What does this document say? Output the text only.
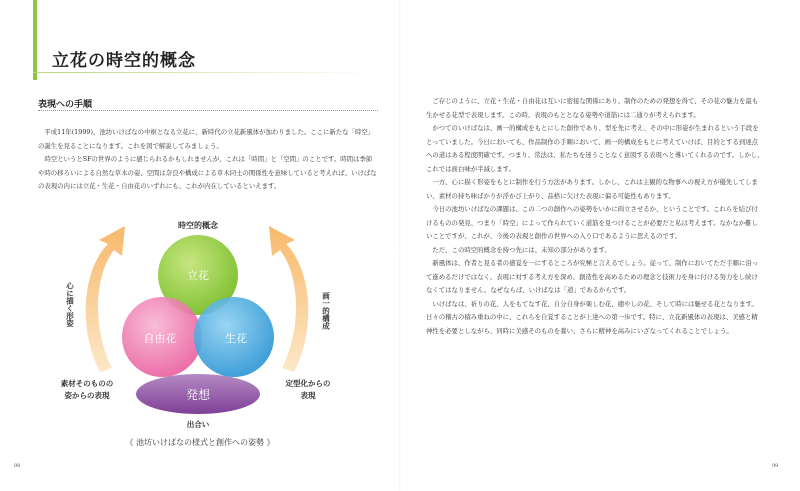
立花の時空的概念
表現への手順

平成11年(1999)、池坊いけばなの中枢となる立花に、新時代の立花新風体が加わりました。ここに新たな「時空」の誕生を見ることになります。これを図で解説してみましょう。

時空というとSFの世界のように感じられるかもしれませんが、これは「時間」と「空間」のことです。時間は季節や時の移ろいによる自然な草木の姿、空間は奈良や構成による草木同士の関係性を意味していると考えれば、いけばなの表現の内には立花・生花・自由花のいずれにも、これが内在しているといえます。

発想
立花
自由花	生花
時空的概念
心に描く形姿	画一的構成
素材そのものの
姿からの表現
定型化からの
表現
出合い
《 池坊いけばなの様式と創作への姿勢 》
98

ご存じのように、立花・生花・自由花は互いに密接な関係にあり、制作のための発想を得て、その花の魅力を最も生かせる花型で表現します。この時、表現のもととなる姿勢や道筋には二通りが考えられます。

かつてのいけばなは、画一的構成をもとにした創作であり、型を先に考え、その中に形姿が生まれるという手段をとっていました。今日においても、作品制作の手順において、画一的構成をもとに考えていけば、目的とする到達点への道はある程度明確です。つまり、常法は、私たちを迷うことなく意図する表現へと導いてくれるのです。しかし、これでは面白味が半減します。

一方、心に描く形姿をもとに制作を行う方法があります。しかし、これは主観的な物事への視え方が優先してしまい、素材の持ち味ばかりが浮かび上がり、品格に欠けた表現に偏る可能性もあります。

今日の池坊いけばなの課題は、この二つの創作への姿勢をいかに両立させるか、ということです。これらを結び付けるものの発見、つまり「時空」によって作られていく道筋を見つけることが必要だと私は考えます。なかなか難しいことですが、これが、今後の表現と創作の世界への入り口であるように思えるのです。

ただ、この時空的概念を持つ先には、未知の部分があります。

新風体は、作者と見る者の感覚を一にするところが究極と言えるでしょう。従って、制作においてただ手順に沿って進めるだけではなく、表現に対する考え方を深め、創造性を高めるための理念と技術力を身に付ける努力をし続けなくてはなりません。なぜならば、いけばなは「道」であるからです。

いけばなは、祈りの花、人をもてなす花、自分自身が楽しむ花、癒やしの花、そして時には魅せる花となります。日々の稽古の積み重ねの中に、これらを自覚することが上達への第一歩です。特に、立花新風体の表現は、美感と精神性を必要としながら、同時に美感そのものを養い、さらに精神を高みにいざなってくれることでしょう。

99
